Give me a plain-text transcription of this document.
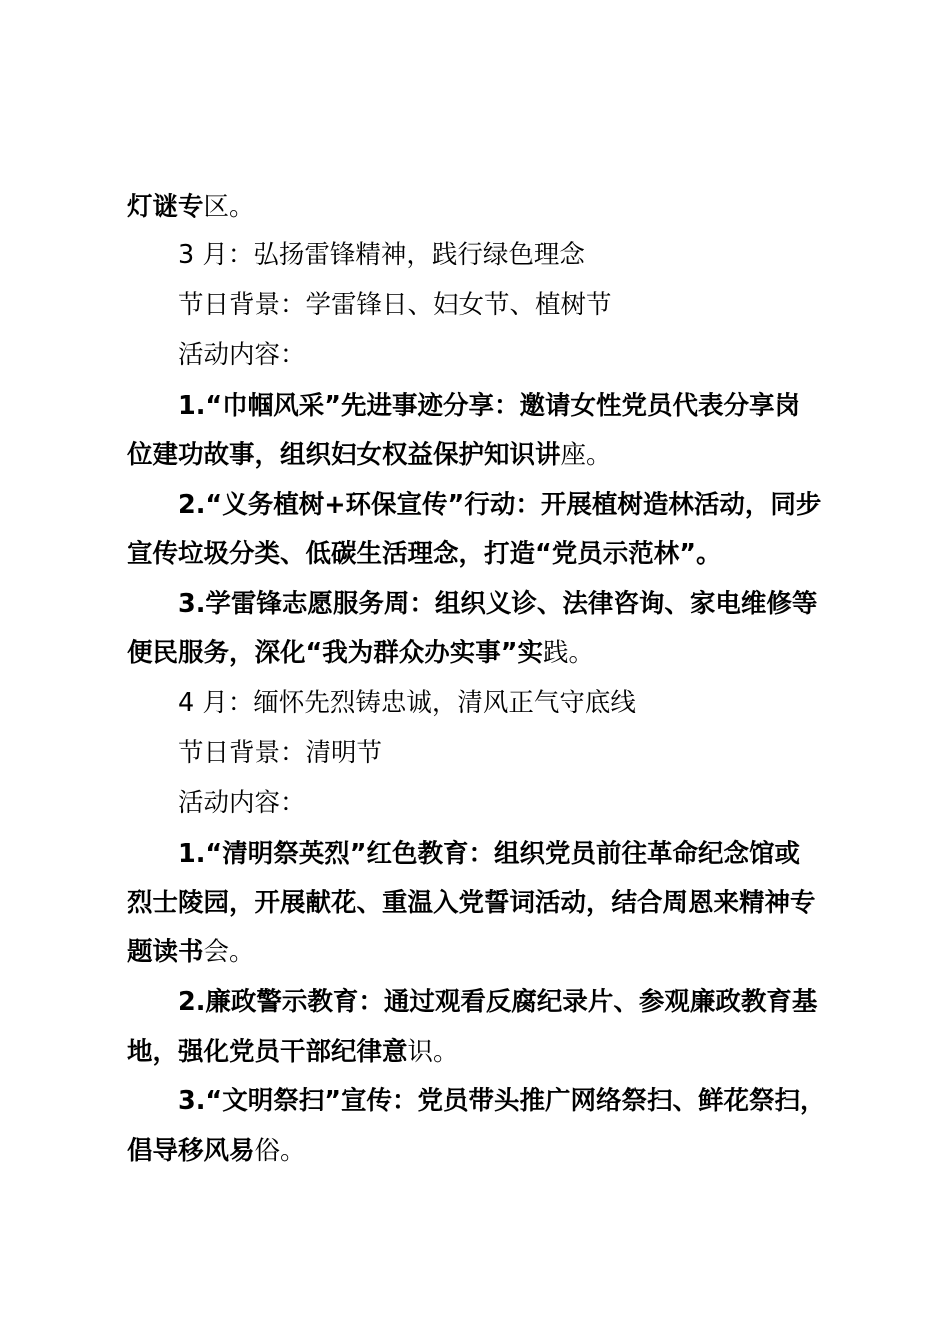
灯谜专区。
3 月：弘扬雷锋精神，践行绿色理念
节日背景：学雷锋日、妇女节、植树节
活动内容：
1.“巾帼风采”先进事迹分享：邀请女性党员代表分享岗
位建功故事，组织妇女权益保护知识讲座。
2.“义务植树+环保宣传”行动：开展植树造林活动，同步
宣传垃圾分类、低碳生活理念，打造“党员示范林”。
3.学雷锋志愿服务周：组织义诊、法律咨询、家电维修等
便民服务，深化“我为群众办实事”实践。
4 月：缅怀先烈铸忠诚，清风正气守底线
节日背景：清明节
活动内容：
1.“清明祭英烈”红色教育：组织党员前往革命纪念馆或
烈士陵园，开展献花、重温入党誓词活动，结合周恩来精神专
题读书会。
2.廉政警示教育：通过观看反腐纪录片、参观廉政教育基
地，强化党员干部纪律意识。
3.“文明祭扫”宣传：党员带头推广网络祭扫、鲜花祭扫，
倡导移风易俗。
